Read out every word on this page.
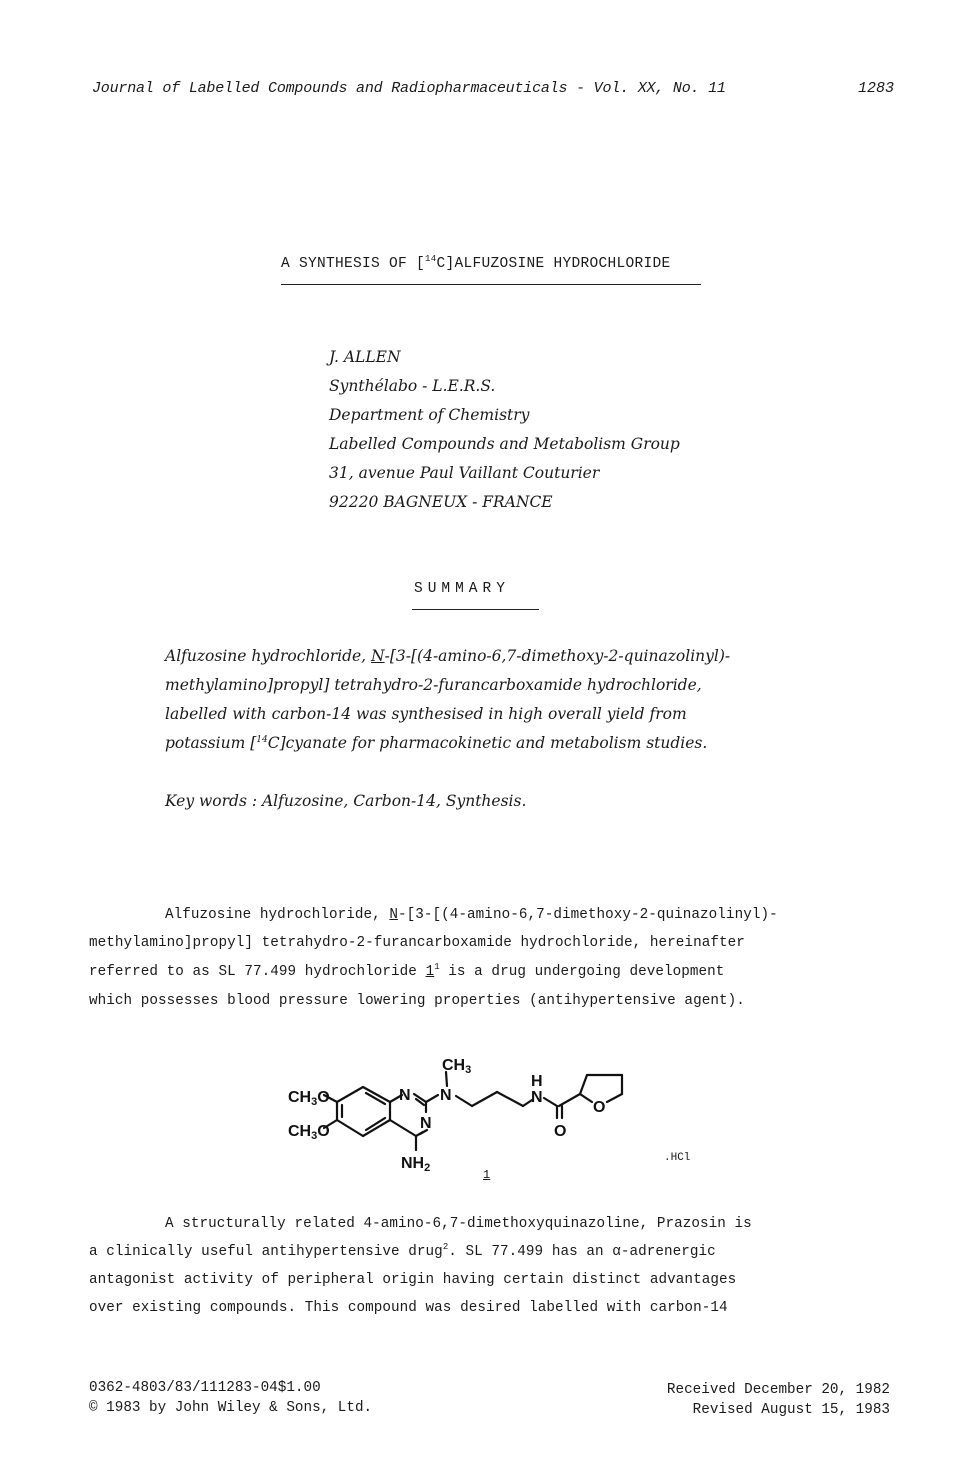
Journal of Labelled Compounds and Radiopharmaceuticals - Vol. XX, No. 11	1283
A SYNTHESIS OF [$^{14}$C]ALFUZOSINE HYDROCHLORIDE
J. ALLEN
Synthélabo - L.E.R.S.
Department of Chemistry
Labelled Compounds and Metabolism Group
31, avenue Paul Vaillant Couturier
92220 BAGNEUX - FRANCE
SUMMARY
Alfuzosine hydrochloride, N-[3-[(4-amino-6,7-dimethoxy-2-quinazolinyl)-
methylamino]propyl] tetrahydro-2-furancarboxamide hydrochloride,
labelled with carbon-14 was synthesised in high overall yield from
potassium [$^{14}$C]cyanate for pharmacokinetic and metabolism studies.
Key words : Alfuzosine, Carbon-14, Synthesis.
Alfuzosine hydrochloride, N-[3-[(4-amino-6,7-dimethoxy-2-quinazolinyl)-
methylamino]propyl] tetrahydro-2-furancarboxamide hydrochloride, hereinafter
referred to as SL 77.499 hydrochloride $1^1$ is a drug undergoing development
which possesses blood pressure lowering properties (antihypertensive agent).
CH3O
CH3O
N
N
NH2
N
CH3
H
N
O
O
.HCl
1
A structurally related 4-amino-6,7-dimethoxyquinazoline, Prazosin is
a clinically useful antihypertensive drug$^2$. SL 77.499 has an α-adrenergic
antagonist activity of peripheral origin having certain distinct advantages
over existing compounds. This compound was desired labelled with carbon-14
0362-4803/83/111283-04$1.00
© 1983 by John Wiley & Sons, Ltd.
Received December 20, 1982
Revised August 15, 1983
